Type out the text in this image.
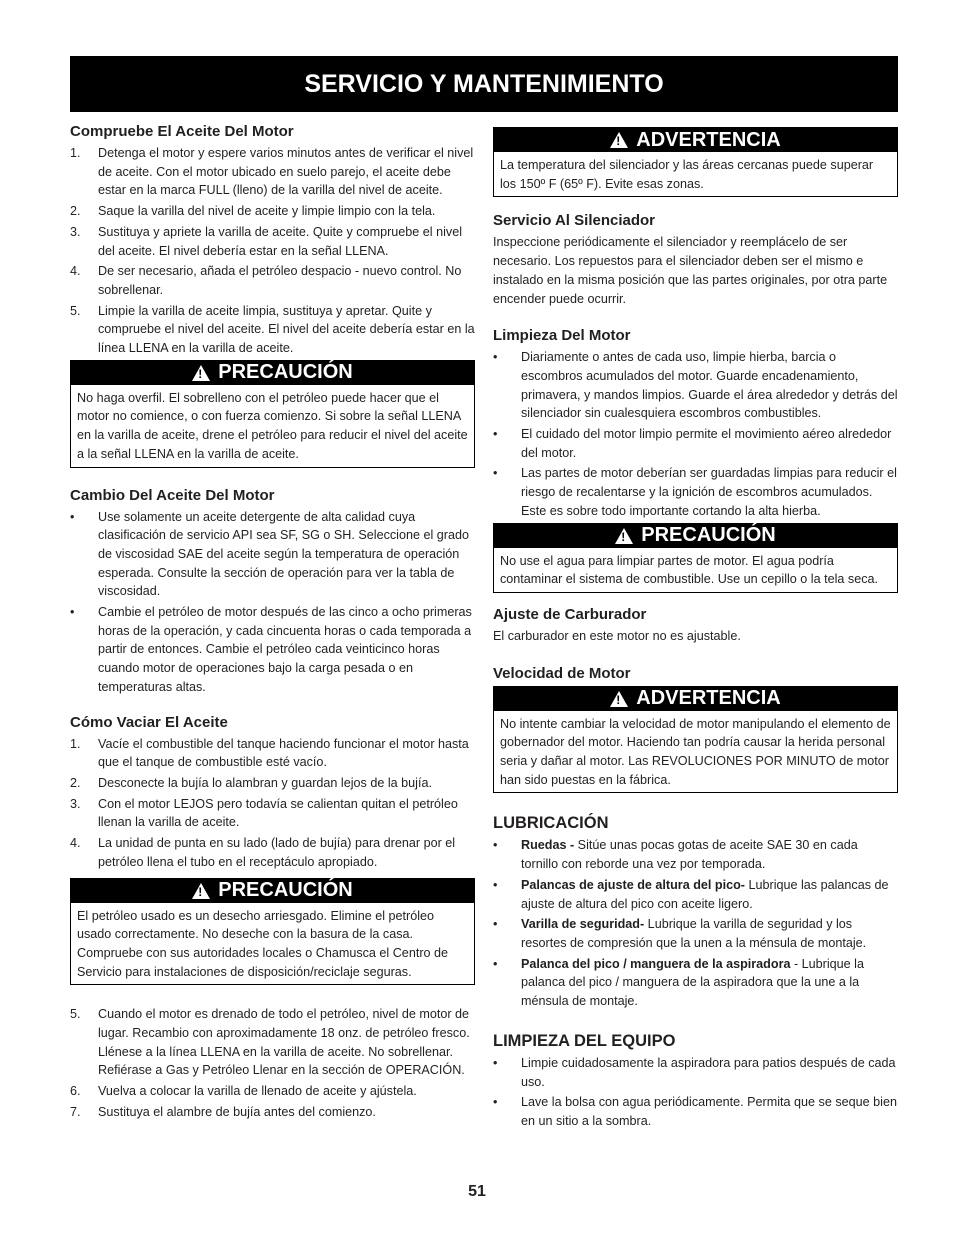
SERVICIO Y MANTENIMIENTO
Compruebe El Aceite Del Motor
1. Detenga el motor y espere varios minutos antes de verificar el nivel de aceite. Con el motor ubicado en suelo parejo, el aceite debe estar en la marca FULL (lleno) de la varilla del nivel de aceite.
2. Saque la varilla del nivel de aceite y limpie limpio con la tela.
3. Sustituya y apriete la varilla de aceite. Quite y compruebe el nivel del aceite. El nivel debería estar en la señal LLENA.
4. De ser necesario, añada el petróleo despacio - nuevo control. No sobrellenar.
5. Limpie la varilla de aceite limpia, sustituya y apretar. Quite y compruebe el nivel del aceite. El nivel del aceite debería estar en la línea LLENA en la varilla de aceite.
!
PRECAUCIÓN
No haga overfil. El sobrelleno con el petróleo puede hacer que el motor no comience, o con fuerza comienzo. Si sobre la señal LLENA en la varilla de aceite, drene el petróleo para reducir el nivel del aceite a la señal LLENA en la varilla de aceite.
Cambio Del Aceite Del Motor
• Use solamente un aceite detergente de alta calidad cuya clasificación de servicio API sea SF, SG o SH. Seleccione el grado de viscosidad SAE del aceite según la temperatura de operación esperada. Consulte la sección de operación para ver la tabla de viscosidad.
• Cambie el petróleo de motor después de las cinco a ocho primeras horas de la operación, y cada cincuenta horas o cada temporada a partir de entonces. Cambie el petróleo cada veinticinco horas cuando motor de operaciones bajo la carga pesada o en temperaturas altas.
Cómo Vaciar El Aceite
1. Vacíe el combustible del tanque haciendo funcionar el motor hasta que el tanque de combustible esté vacío.
2. Desconecte la bujía lo alambran y guardan lejos de la bujía.
3. Con el motor LEJOS pero todavía se calientan quitan el petróleo llenan la varilla de aceite.
4. La unidad de punta en su lado (lado de bujía) para drenar por el petróleo llena el tubo en el receptáculo apropiado.
!
PRECAUCIÓN
El petróleo usado es un desecho arriesgado. Elimine el petróleo usado correctamente. No deseche con la basura de la casa. Compruebe con sus autoridades locales o Chamusca el Centro de Servicio para instalaciones de disposición/reciclaje seguras.
5. Cuando el motor es drenado de todo el petróleo, nivel de motor de lugar. Recambio con aproximadamente 18 onz. de petróleo fresco. Llénese a la línea LLENA en la varilla de aceite. No sobrellenar. Refiérase a Gas y Petróleo Llenar en la sección de OPERACIÓN.
6. Vuelva a colocar la varilla de llenado de aceite y ajústela.
7. Sustituya el alambre de bujía antes del comienzo.
!
ADVERTENCIA
La temperatura del silenciador y las áreas cercanas puede superar los 150º F (65º F). Evite esas zonas.
Servicio Al Silenciador

Inspeccione periódicamente el silenciador y reemplácelo de ser necesario. Los repuestos para el silenciador deben ser el mismo e instalado en la misma posición que las partes originales, por otra parte encender puede ocurrir.

Limpieza Del Motor
• Diariamente o antes de cada uso, limpie hierba, barcia o escombros acumulados del motor. Guarde encadenamiento, primavera, y mandos limpios. Guarde el área alrededor y detrás del silenciador sin cualesquiera escombros combustibles.
• El cuidado del motor limpio permite el movimiento aéreo alrededor del motor.
• Las partes de motor deberían ser guardadas limpias para reducir el riesgo de recalentarse y la ignición de escombros acumulados. Este es sobre todo importante cortando la alta hierba.
!
PRECAUCIÓN
No use el agua para limpiar partes de motor. El agua podría contaminar el sistema de combustible. Use un cepillo o la tela seca.
Ajuste de Carburador

El carburador en este motor no es ajustable.

Velocidad de Motor
!
ADVERTENCIA
No intente cambiar la velocidad de motor manipulando el elemento de gobernador del motor. Haciendo tan podría causar la herida personal seria y dañar al motor. Las REVOLUCIONES POR MINUTO de motor han sido puestas en la fábrica.
LUBRICACIÓN
• Ruedas - Sitúe unas pocas gotas de aceite SAE 30 en cada tornillo con reborde una vez por temporada.
• Palancas de ajuste de altura del pico- Lubrique las palancas de ajuste de altura del pico con aceite ligero.
• Varilla de seguridad- Lubrique la varilla de seguridad y los resortes de compresión que la unen a la ménsula de montaje.
• Palanca del pico / manguera de la aspiradora - Lubrique la palanca del pico / manguera de la aspiradora que la une a la ménsula de montaje.
LIMPIEZA DEL EQUIPO
• Limpie cuidadosamente la aspiradora para patios después de cada uso.
• Lave la bolsa con agua periódicamente. Permita que se seque bien en un sitio a la sombra.
51
